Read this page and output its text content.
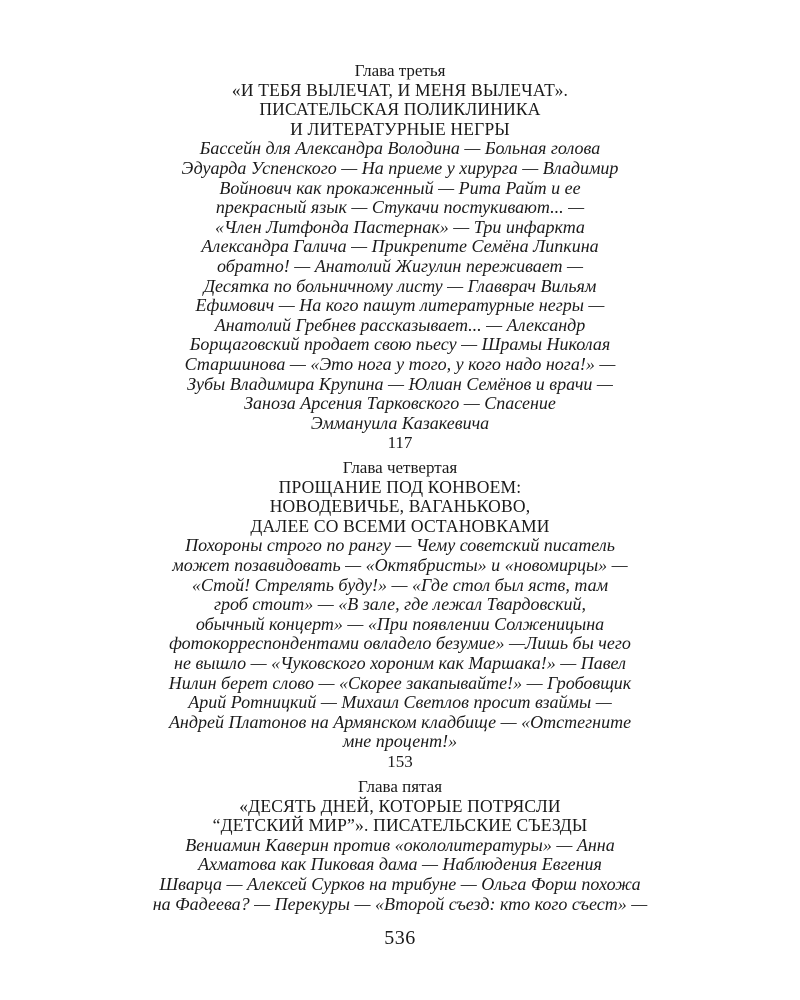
Глава третья
«И ТЕБЯ ВЫЛЕЧАТ, И МЕНЯ ВЫЛЕЧАТ».
ПИСАТЕЛЬСКАЯ ПОЛИКЛИНИКА
И ЛИТЕРАТУРНЫЕ НЕГРЫ
Бассейн для Александра Володина — Больная голова
Эдуарда Успенского — На приеме у хирурга — Владимир
Войнович как прокаженный — Рита Райт и ее
прекрасный язык — Стукачи постукивают... —
«Член Литфонда Пастернак» — Три инфаркта
Александра Галича — Прикрепите Семёна Липкина
обратно! — Анатолий Жигулин переживает —
Десятка по больничному листу — Главврач Вильям
Ефимович — На кого пашут литературные негры —
Анатолий Гребнев рассказывает... — Александр
Борщаговский продает свою пьесу — Шрамы Николая
Старшинова — «Это нога у того, у кого надо нога!» —
Зубы Владимира Крупина — Юлиан Семёнов и врачи —
Заноза Арсения Тарковского — Спасение
Эммануила Казакевича
117
Глава четвертая
ПРОЩАНИЕ ПОД КОНВОЕМ:
НОВОДЕВИЧЬЕ, ВАГАНЬКОВО,
ДАЛЕЕ СО ВСЕМИ ОСТАНОВКАМИ
Похороны строго по рангу — Чему советский писатель
может позавидовать — «Октябристы» и «новомирцы» —
«Стой! Стрелять буду!» — «Где стол был яств, там
гроб стоит» — «В зале, где лежал Твардовский,
обычный концерт» — «При появлении Солженицына
фотокорреспондентами овладело безумие» —Лишь бы чего
не вышло — «Чуковского хороним как Маршака!» — Павел
Нилин берет слово — «Скорее закапывайте!» — Гробовщик
Арий Ротницкий — Михаил Светлов просит взаймы —
Андрей Платонов на Армянском кладбище — «Отстегните
мне процент!»
153
Глава пятая
«ДЕСЯТЬ ДНЕЙ, КОТОРЫЕ ПОТРЯСЛИ
“ДЕТСКИЙ МИР”». ПИСАТЕЛЬСКИЕ СЪЕЗДЫ
Вениамин Каверин против «окололитературы» — Анна
Ахматова как Пиковая дама — Наблюдения Евгения
Шварца — Алексей Сурков на трибуне — Ольга Форш похожа
на Фадеева? — Перекуры — «Второй съезд: кто кого съест» —
536
